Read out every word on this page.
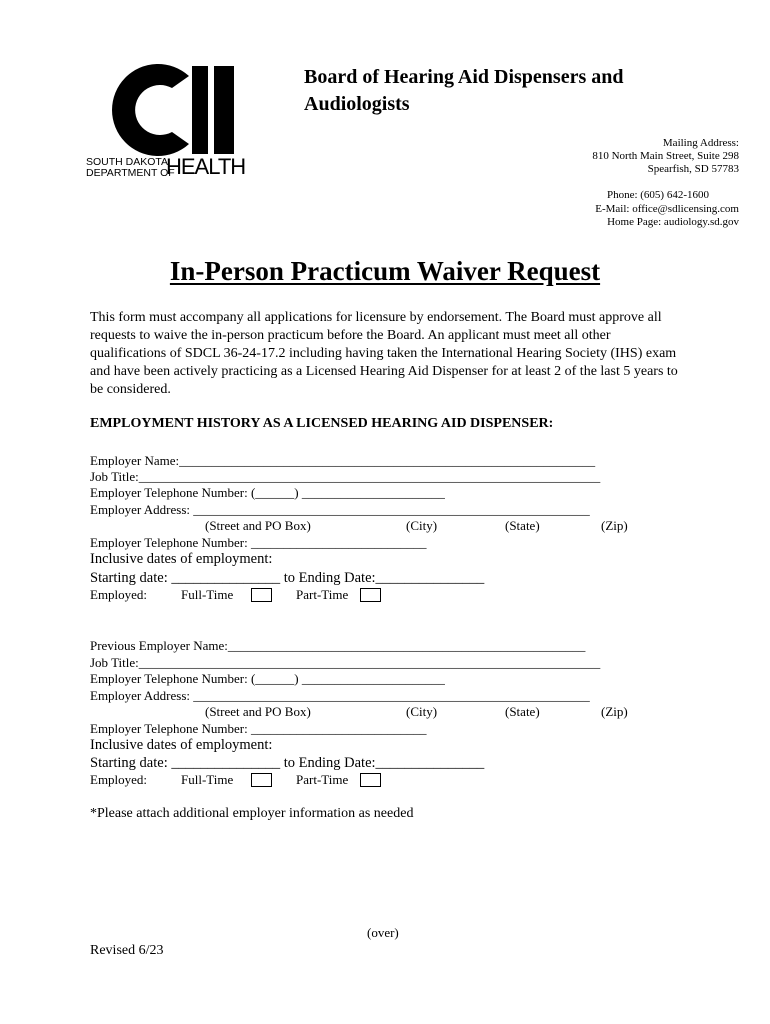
SOUTH DAKOTA
DEPARTMENT OF
HEALTH
Board of Hearing Aid Dispensers and Audiologists
Mailing Address:
810 North Main Street, Suite 298
Spearfish, SD 57783
Phone: (605) 642-1600
E-Mail: office@sdlicensing.com
Home Page: audiology.sd.gov
In-Person Practicum Waiver Request
This form must accompany all applications for licensure by endorsement. The Board must approve all requests to waive the in-person practicum before the Board. An applicant must meet all other qualifications of SDCL 36-24-17.2 including having taken the International Hearing Society (IHS) exam and have been actively practicing as a Licensed Hearing Aid Dispenser for at least 2 of the last 5 years to be considered.
EMPLOYMENT HISTORY AS A LICENSED HEARING AID DISPENSER:
Employer Name:________________________________________________________________
Job Title:_______________________________________________________________________
Employer Telephone Number: (______) ______________________
Employer Address: _____________________________________________________________
(Street and PO Box)	(City)	(State)	(Zip)
Employer Telephone Number: ___________________________
Inclusive dates of employment:
Starting date: _______________ to Ending Date:_______________
Employed:	Full-Time	Part-Time
Previous Employer Name:_______________________________________________________
Job Title:_______________________________________________________________________
Employer Telephone Number: (______) ______________________
Employer Address: _____________________________________________________________
(Street and PO Box)	(City)	(State)	(Zip)
Employer Telephone Number: ___________________________
Inclusive dates of employment:
Starting date: _______________ to Ending Date:_______________
Employed:	Full-Time	Part-Time
*Please attach additional employer information as needed
(over)
Revised 6/23
